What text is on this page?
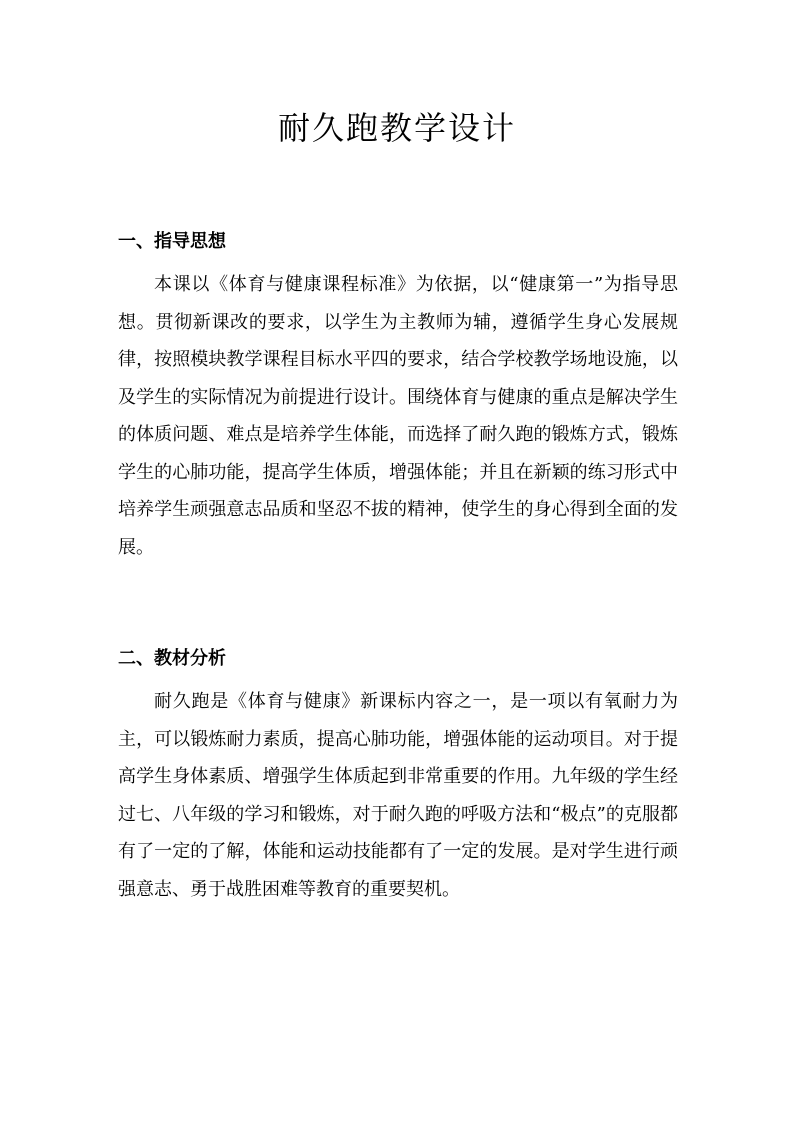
耐久跑教学设计
一、指导思想

本课以《体育与健康课程标准》为依据，以“健康第一”为指导思想。贯彻新课改的要求，以学生为主教师为辅，遵循学生身心发展规律，按照模块教学课程目标水平四的要求，结合学校教学场地设施，以及学生的实际情况为前提进行设计。围绕体育与健康的重点是解决学生的体质问题、难点是培养学生体能，而选择了耐久跑的锻炼方式，锻炼学生的心肺功能，提高学生体质，增强体能；并且在新颖的练习形式中培养学生顽强意志品质和坚忍不拔的精神，使学生的身心得到全面的发展。

二、教材分析

耐久跑是《体育与健康》新课标内容之一，是一项以有氧耐力为主，可以锻炼耐力素质，提高心肺功能，增强体能的运动项目。对于提高学生身体素质、增强学生体质起到非常重要的作用。九年级的学生经过七、八年级的学习和锻炼，对于耐久跑的呼吸方法和“极点”的克服都有了一定的了解，体能和运动技能都有了一定的发展。是对学生进行顽强意志、勇于战胜困难等教育的重要契机。
